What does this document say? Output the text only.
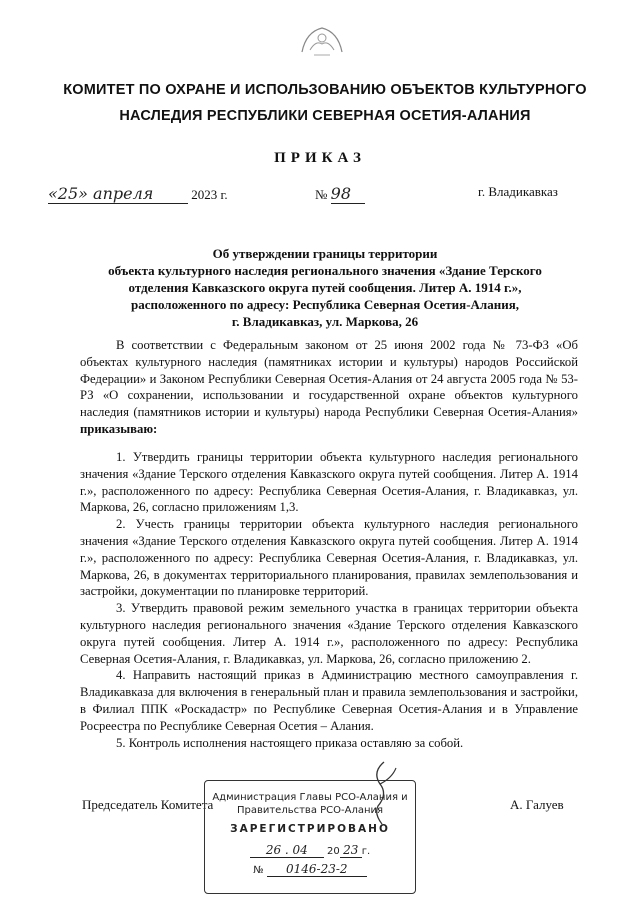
КОМИТЕТ ПО ОХРАНЕ И ИСПОЛЬЗОВАНИЮ ОБЪЕКТОВ КУЛЬТУРНОГО
НАСЛЕДИЯ РЕСПУБЛИКИ СЕВЕРНАЯ ОСЕТИЯ-АЛАНИЯ
ПРИКАЗ
«25» апреля	2023 г.	№ 98	г. Владикавказ
Об утверждении границы территории
объекта культурного наследия регионального значения «Здание Терского
отделения Кавказского округа путей сообщения. Литер А. 1914 г.»,
расположенного по адресу: Республика Северная Осетия-Алания,
г. Владикавказ, ул. Маркова, 26

В соответствии с Федеральным законом от 25 июня 2002 года № 73-ФЗ «Об объектах культурного наследия (памятниках истории и культуры) народов Российской Федерации» и Законом Республики Северная Осетия-Алания от 24 августа 2005 года № 53-РЗ «О сохранении, использовании и государственной охране объектов культурного наследия (памятников истории и культуры) народа Республики Северная Осетия-Алания» приказываю:

1. Утвердить границы территории объекта культурного наследия регионального значения «Здание Терского отделения Кавказского округа путей сообщения. Литер А. 1914 г.», расположенного по адресу: Республика Северная Осетия-Алания, г. Владикавказ, ул. Маркова, 26, согласно приложениям 1,3.

2. Учесть границы территории объекта культурного наследия регионального значения «Здание Терского отделения Кавказского округа путей сообщения. Литер А. 1914 г.», расположенного по адресу: Республика Северная Осетия-Алания, г. Владикавказ, ул. Маркова, 26, в документах территориального планирования, правилах землепользования и застройки, документации по планировке территорий.

3. Утвердить правовой режим земельного участка в границах территории объекта культурного наследия регионального значения «Здание Терского отделения Кавказского округа путей сообщения. Литер А. 1914 г.», расположенного по адресу: Республика Северная Осетия-Алания, г. Владикавказ, ул. Маркова, 26, согласно приложению 2.

4. Направить настоящий приказ в Администрацию местного самоуправления г. Владикавказа для включения в генеральный план и правила землепользования и застройки, в Филиал ППК «Роскадастр» по Республике Северная Осетия-Алания и в Управление Росреестра по Республике Северная Осетия – Алания.

5. Контроль исполнения настоящего приказа оставляю за собой.

Председатель Комитета	А. Галуев
Администрация Главы РСО-Алания и
Правительства РСО-Алания
ЗАРЕГИСТРИРОВАНО
26 . 04 20 23 г.
№ 0146-23-2
